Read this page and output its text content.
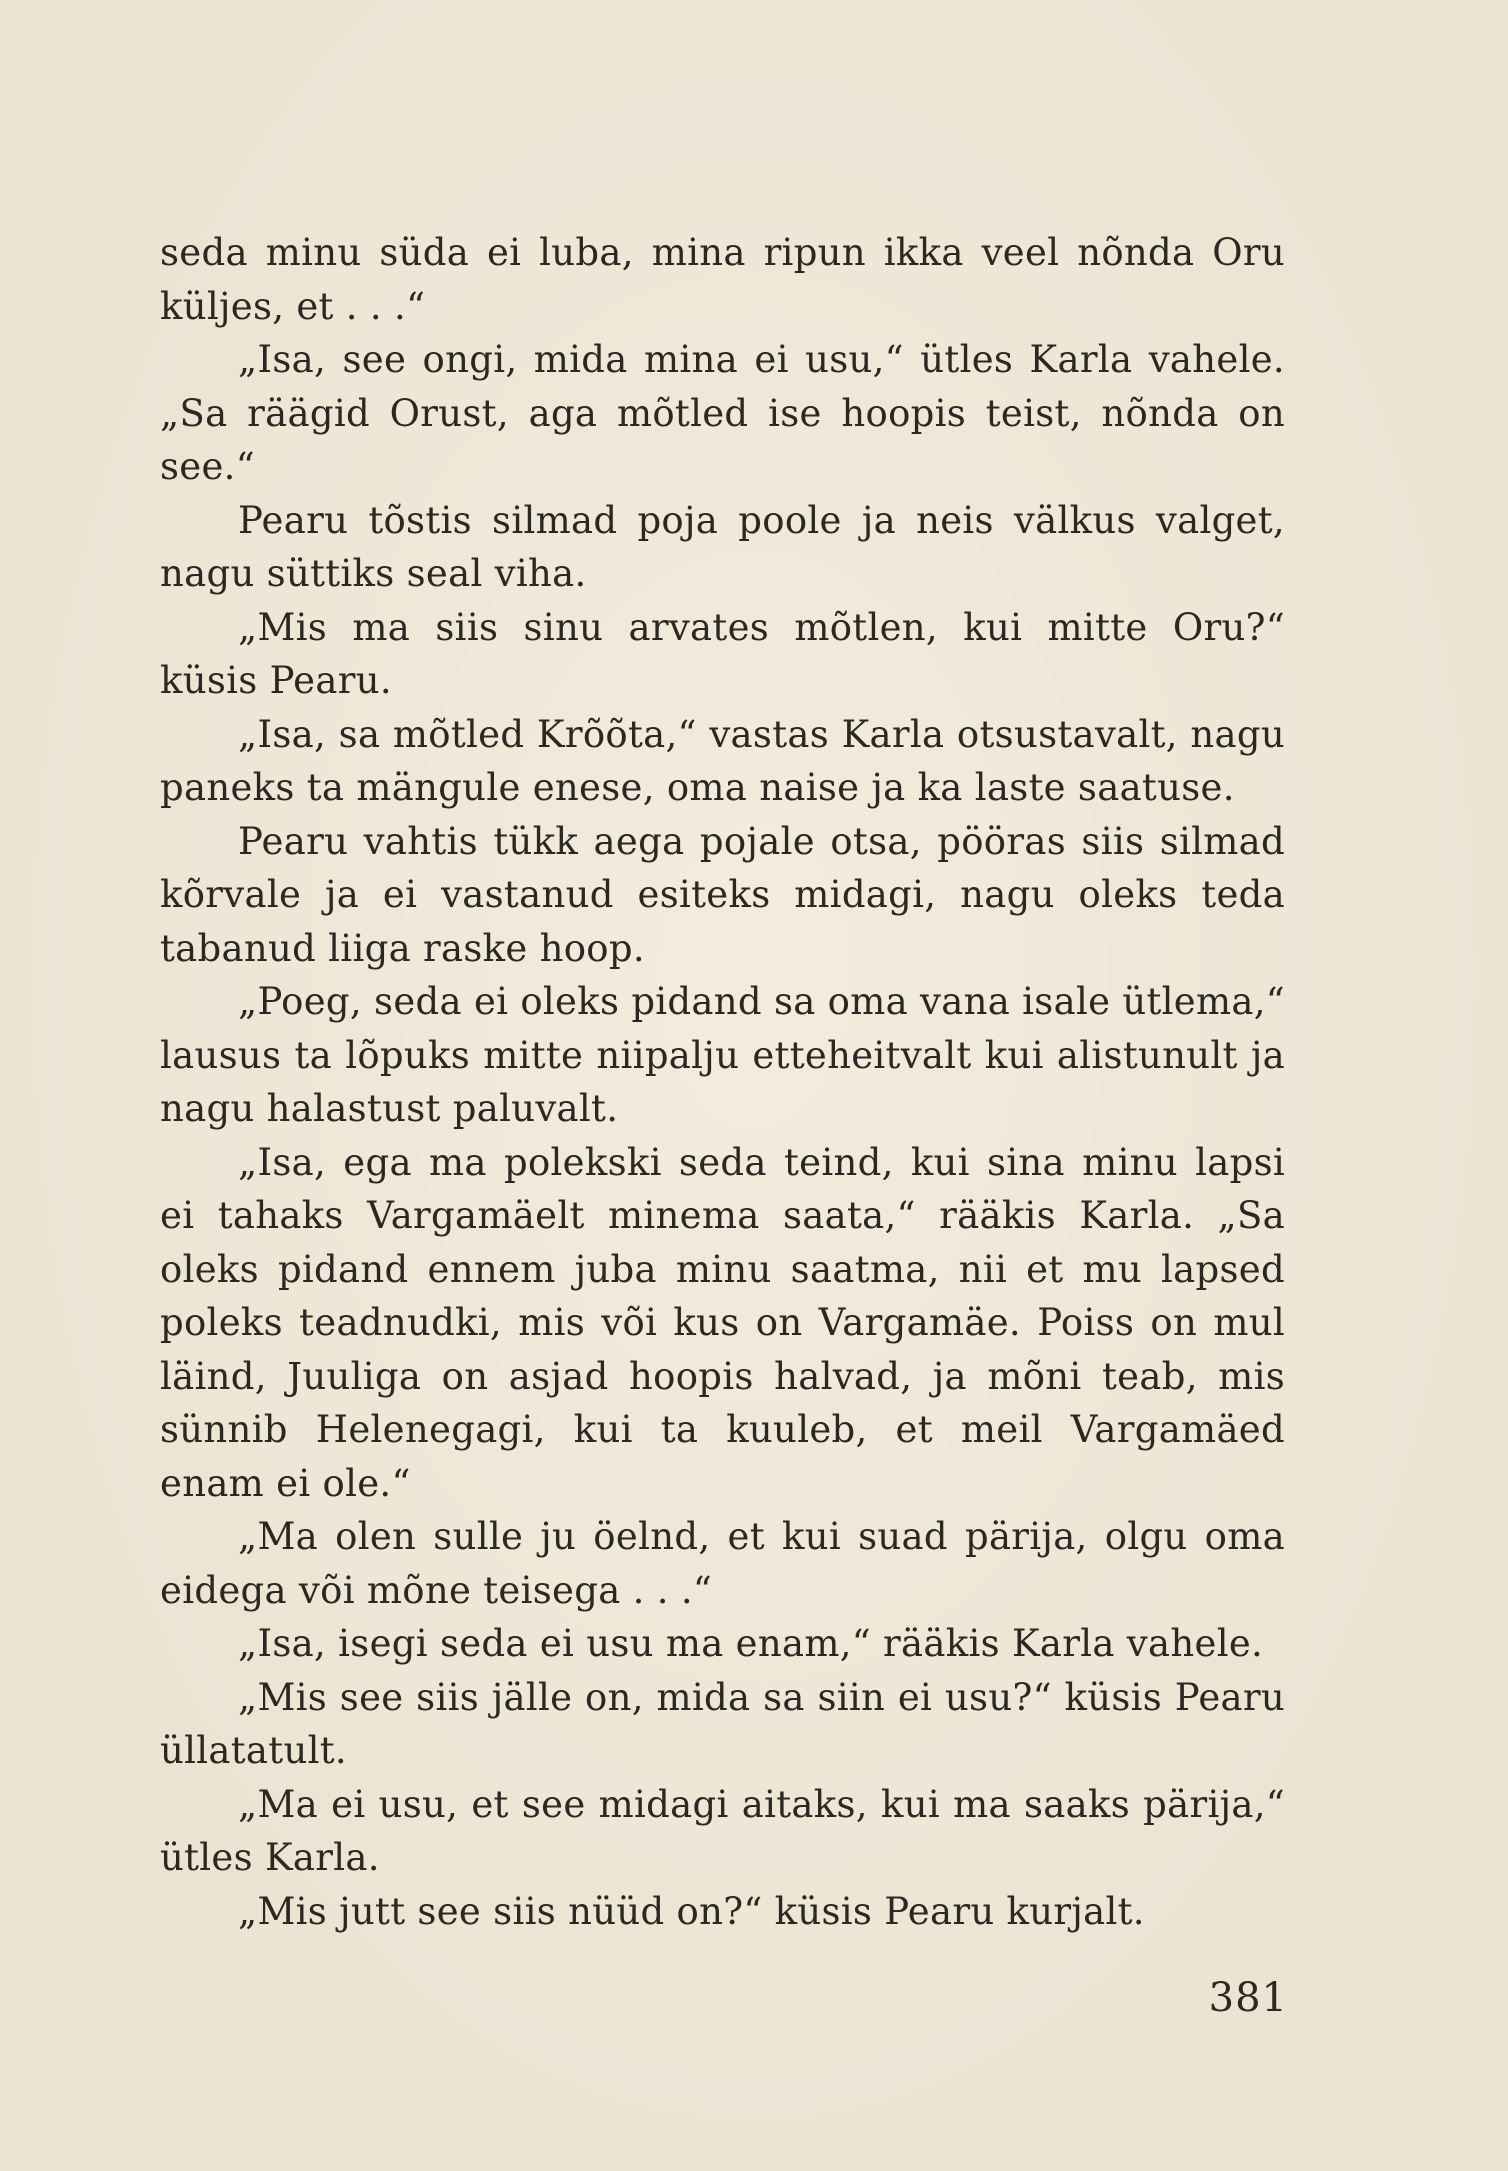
seda minu süda ei luba, mina ripun ikka veel nõnda Oru küljes, et . . .“

„Isa, see ongi, mida mina ei usu,“ ütles Karla vahele. „Sa räägid Orust, aga mõtled ise hoopis teist, nõnda on see.“

Pearu tõstis silmad poja poole ja neis välkus valget, nagu süttiks seal viha.

„Mis ma siis sinu arvates mõtlen, kui mitte Oru?“ küsis Pearu.

„Isa, sa mõtled Krõõta,“ vastas Karla otsustavalt, nagu paneks ta mängule enese, oma naise ja ka laste saatuse.

Pearu vahtis tükk aega pojale otsa, pööras siis silmad kõrvale ja ei vastanud esiteks midagi, nagu oleks teda tabanud liiga raske hoop.

„Poeg, seda ei oleks pidand sa oma vana isale ütlema,“ lausus ta lõpuks mitte niipalju etteheitvalt kui alistunult ja nagu halastust paluvalt.

„Isa, ega ma polekski seda teind, kui sina minu lapsi ei tahaks Vargamäelt minema saata,“ rääkis Karla. „Sa oleks pidand ennem juba minu saatma, nii et mu lapsed poleks teadnudki, mis või kus on Vargamäe. Poiss on mul läind, Juuliga on asjad hoopis halvad, ja mõni teab, mis sünnib Helenegagi, kui ta kuuleb, et meil Vargamäed enam ei ole.“

„Ma olen sulle ju öelnd, et kui suad pärija, olgu oma eidega või mõne teisega . . .“

„Isa, isegi seda ei usu ma enam,“ rääkis Karla vahele.

„Mis see siis jälle on, mida sa siin ei usu?“ küsis Pearu üllatatult.

„Ma ei usu, et see midagi aitaks, kui ma saaks pärija,“ ütles Karla.

„Mis jutt see siis nüüd on?“ küsis Pearu kurjalt.

381
